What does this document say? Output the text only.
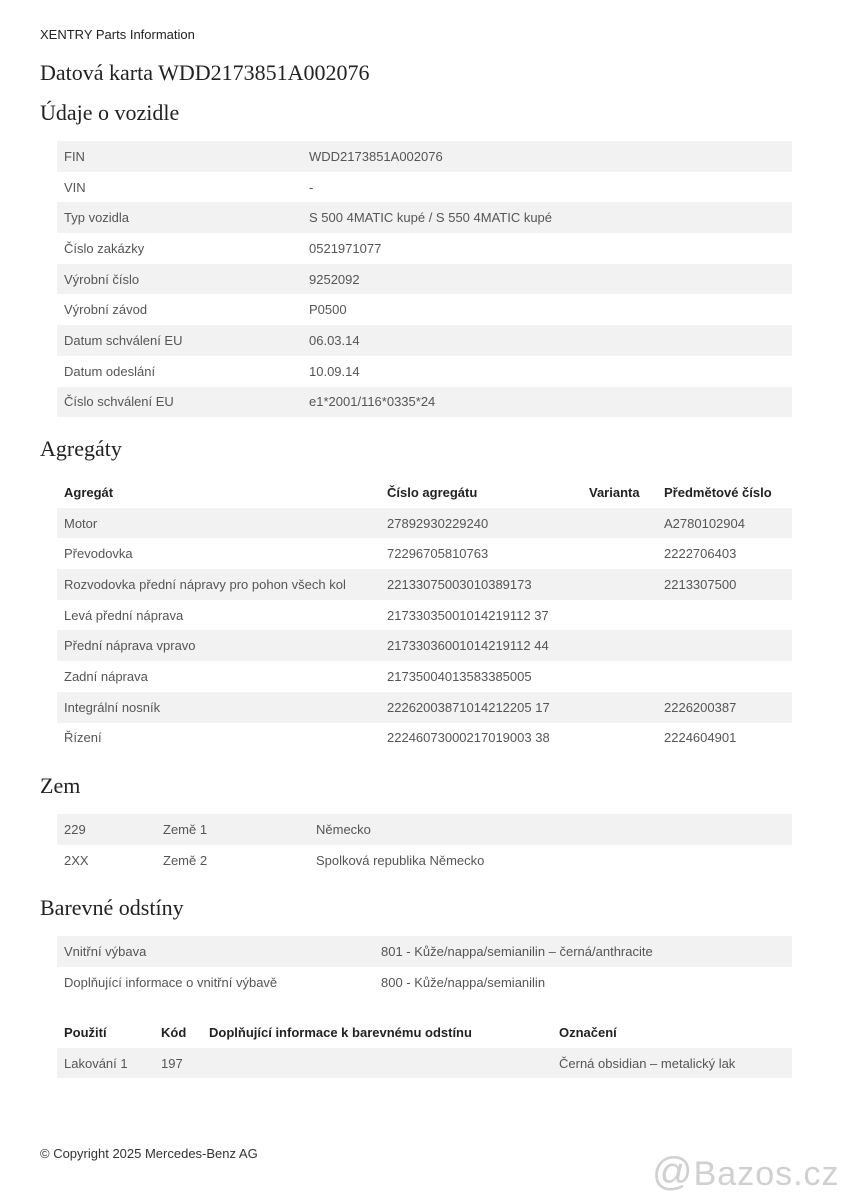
XENTRY Parts Information
Datová karta WDD2173851A002076
Údaje o vozidle
FIN	WDD2173851A002076
VIN	-
Typ vozidla	S 500 4MATIC kupé / S 550 4MATIC kupé
Číslo zakázky	0521971077
Výrobní číslo	9252092
Výrobní závod	P0500
Datum schválení EU	06.03.14
Datum odeslání	10.09.14
Číslo schválení EU	e1*2001/116*0335*24
Agregáty
Agregát	Číslo agregátu	Varianta	Předmětové číslo
Motor	27892930229240		A2780102904
Převodovka	72296705810763		2222706403
Rozvodovka přední nápravy pro pohon všech kol	22133075003010389173		2213307500
Levá přední náprava	21733035001014219112 37		
Přední náprava vpravo	21733036001014219112 44		
Zadní náprava	21735004013583385005		
Integrální nosník	22262003871014212205 17		2226200387
Řízení	22246073000217019003 38		2224604901
Zem
229	Země 1	Německo
2XX	Země 2	Spolková republika Německo
Barevné odstíny
Vnitřní výbava	801 - Kůže/nappa/semianilin – černá/anthracite
Doplňující informace o vnitřní výbavě	800 - Kůže/nappa/semianilin
Použití	Kód	Doplňující informace k barevnému odstínu	Označení
Lakování 1	197		Černá obsidian – metalický lak
© Copyright 2025 Mercedes-Benz AG	@Bazos.cz
